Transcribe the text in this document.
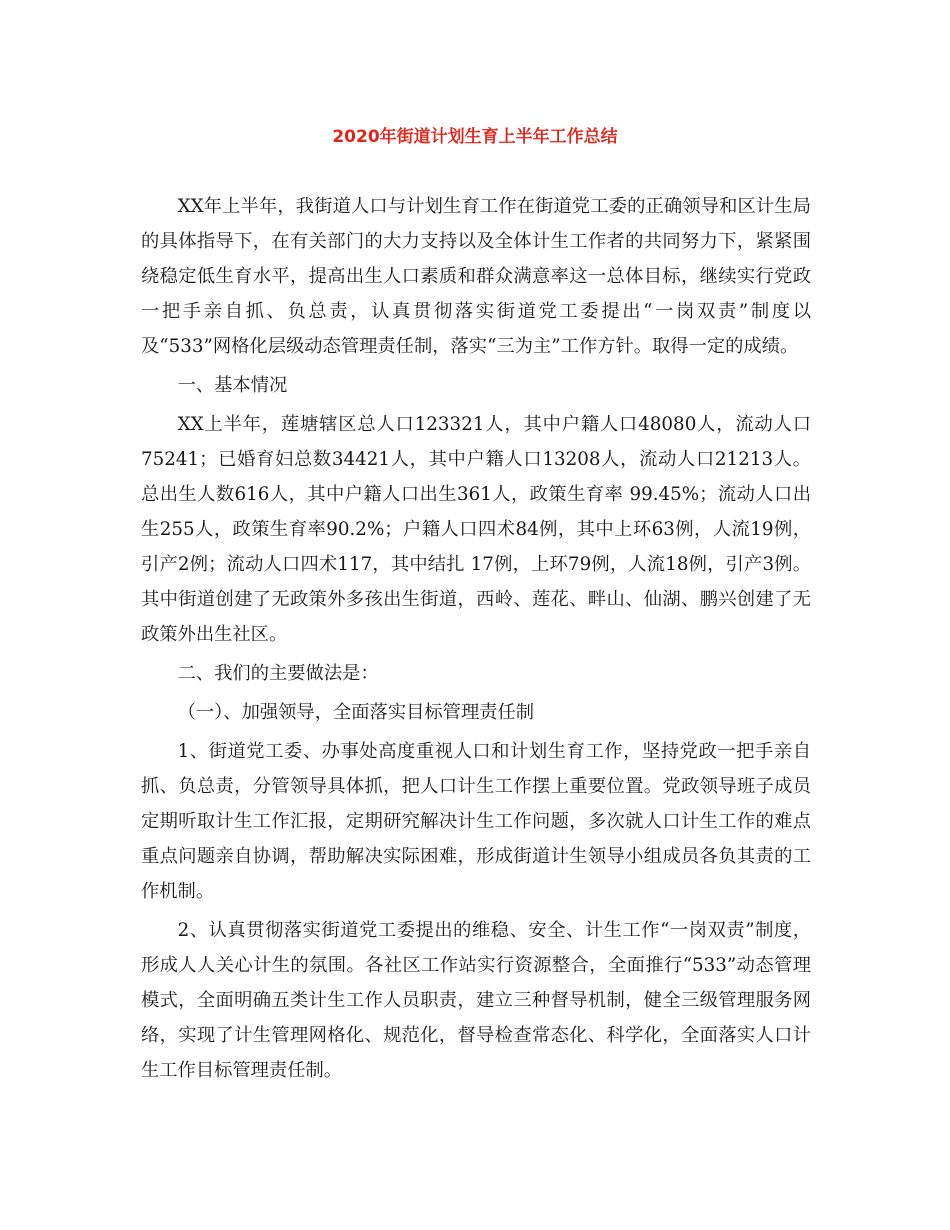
2020年街道计划生育上半年工作总结

XX年上半年，我街道人口与计划生育工作在街道党工委的正确领导和区计生局的具体指导下，在有关部门的大力支持以及全体计生工作者的共同努力下，紧紧围绕稳定低生育水平，提高出生人口素质和群众满意率这一总体目标，继续实行党政一把手亲自抓、负总责，认真贯彻落实街道党工委提出“一岗双责”制度以及“533”网格化层级动态管理责任制，落实“三为主”工作方针。取得一定的成绩。

一、基本情况

XX上半年，莲塘辖区总人口123321人，其中户籍人口48080人，流动人口75241；已婚育妇总数34421人，其中户籍人口13208人，流动人口21213人。总出生人数616人，其中户籍人口出生361人，政策生育率 99.45%；流动人口出生255人，政策生育率90.2%；户籍人口四术84例，其中上环63例，人流19例，引产2例；流动人口四术117，其中结扎 17例，上环79例，人流18例，引产3例。其中街道创建了无政策外多孩出生街道，西岭、莲花、畔山、仙湖、鹏兴创建了无政策外出生社区。

二、我们的主要做法是：

（一）、加强领导，全面落实目标管理责任制

1、街道党工委、办事处高度重视人口和计划生育工作，坚持党政一把手亲自抓、负总责，分管领导具体抓，把人口计生工作摆上重要位置。党政领导班子成员定期听取计生工作汇报，定期研究解决计生工作问题，多次就人口计生工作的难点重点问题亲自协调，帮助解决实际困难，形成街道计生领导小组成员各负其责的工作机制。

2、认真贯彻落实街道党工委提出的维稳、安全、计生工作“一岗双责”制度，形成人人关心计生的氛围。各社区工作站实行资源整合，全面推行“533”动态管理模式，全面明确五类计生工作人员职责，建立三种督导机制，健全三级管理服务网络，实现了计生管理网格化、规范化，督导检查常态化、科学化，全面落实人口计生工作目标管理责任制。
